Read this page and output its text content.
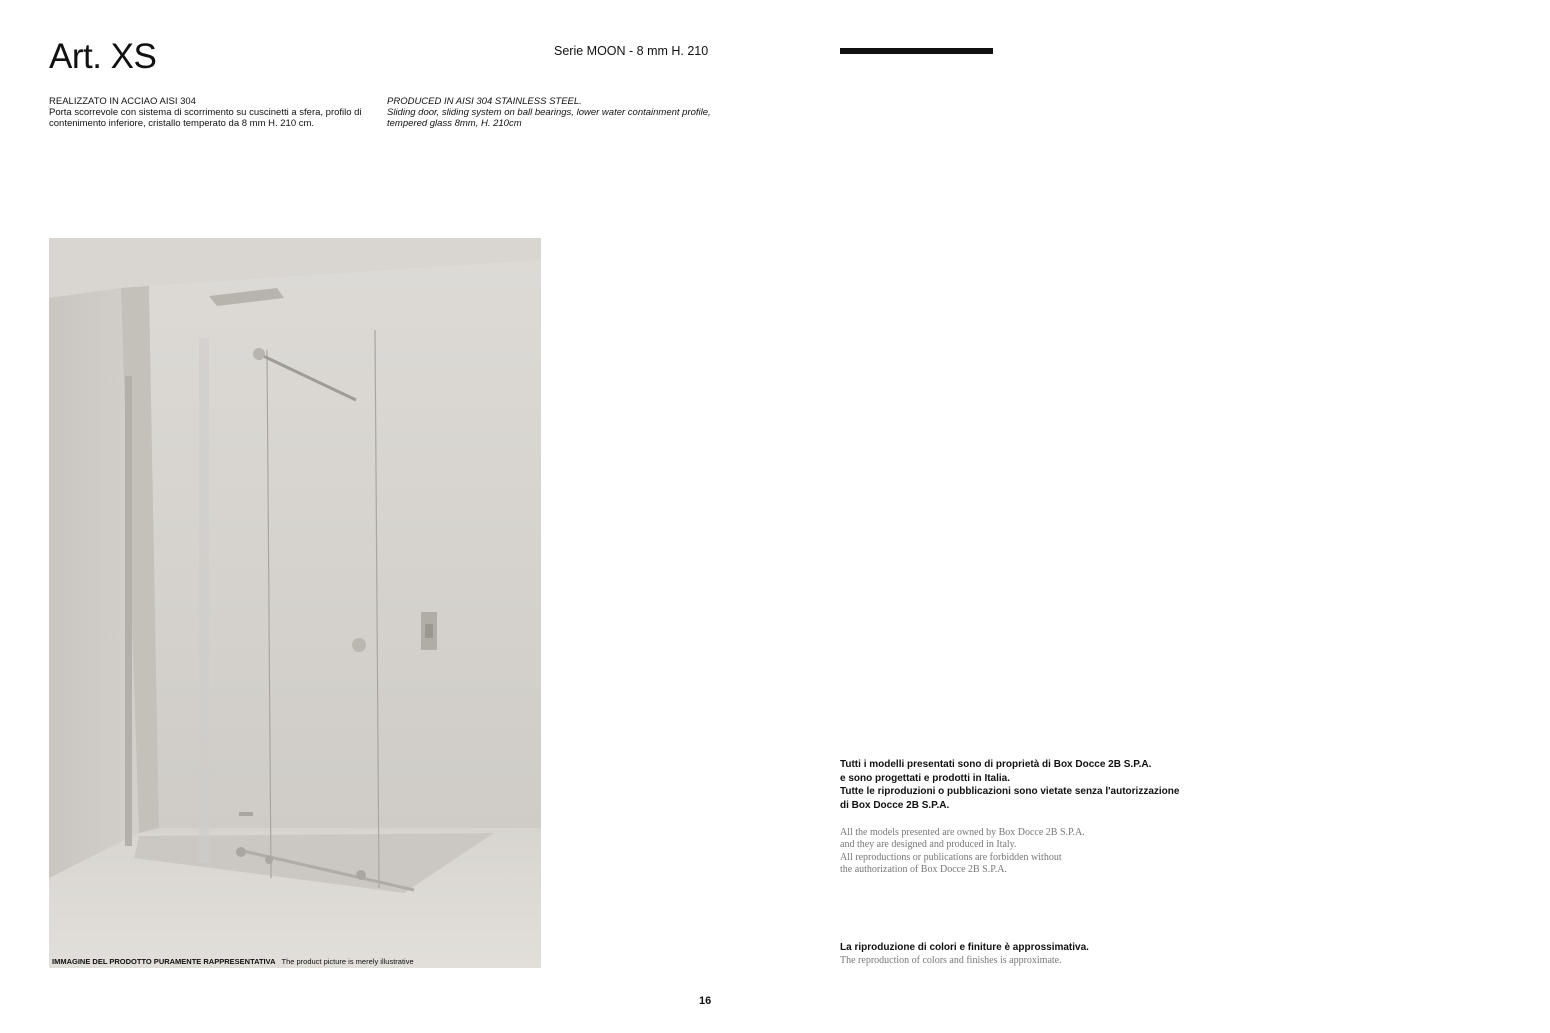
Art. XS	Serie MOON - 8 mm H. 210
REALIZZATO IN ACCIAO AISI 304
Porta scorrevole con sistema di scorrimento su cuscinetti a sfera, profilo di contenimento inferiore, cristallo temperato da 8 mm H. 210 cm.
PRODUCED IN AISI 304 STAINLESS STEEL.
Sliding door, sliding system on ball bearings, lower water containment profile, tempered glass 8mm, H. 210cm
IMMAGINE DEL PRODOTTO PURAMENTE RAPPRESENTATIVA The product picture is merely illustrative
Tutti i modelli presentati sono di proprietà di Box Docce 2B S.P.A.
e sono progettati e prodotti in Italia.
Tutte le riproduzioni o pubblicazioni sono vietate senza l'autorizzazione
di Box Docce 2B S.P.A.
All the models presented are owned by Box Docce 2B S.P.A.
and they are designed and produced in Italy.
All reproductions or publications are forbidden without
the authorization of Box Docce 2B S.P.A.
La riproduzione di colori e finiture è approssimativa.
The reproduction of colors and finishes is approximate.
16
